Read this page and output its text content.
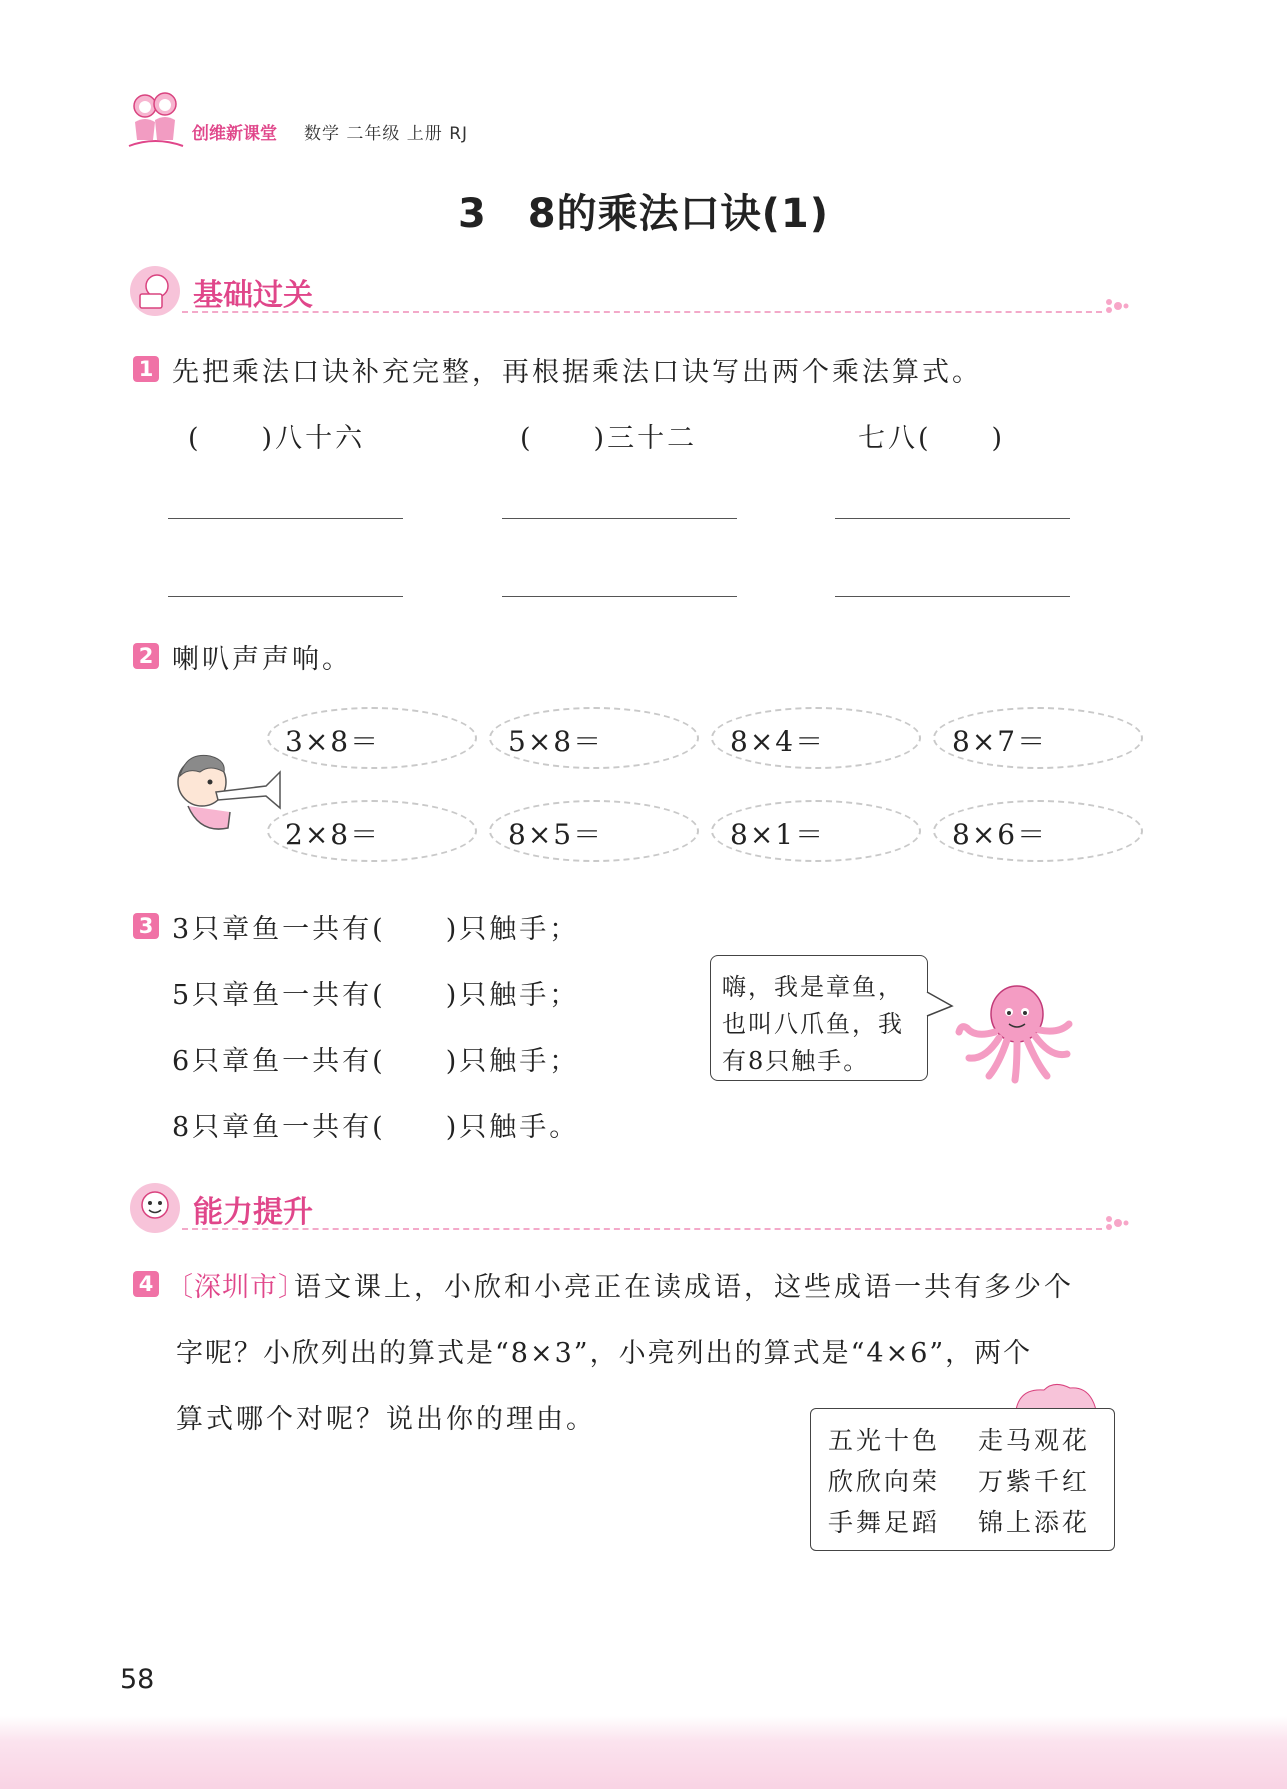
创维新课堂 数学 二年级 上册 RJ
3　8的乘法口诀(1)
基础过关
1 先把乘法口诀补充完整，再根据乘法口诀写出两个乘法算式。
(　　)八十六	(　　)三十二	七八(　　)
2 喇叭声声响。
3×8＝	5×8＝	8×4＝	8×7＝
2×8＝	8×5＝	8×1＝	8×6＝
3 3只章鱼一共有(　　)只触手；
5只章鱼一共有(　　)只触手；
6只章鱼一共有(　　)只触手；
8只章鱼一共有(　　)只触手。
嗨，我是章鱼，
也叫八爪鱼，我
有8只触手。
能力提升
4 〔深圳市〕
语文课上，小欣和小亮正在读成语，这些成语一共有多少个
字呢？小欣列出的算式是“8×3”，小亮列出的算式是“4×6”，两个
算式哪个对呢？说出你的理由。
五光十色 走马观花
欣欣向荣 万紫千红
手舞足蹈 锦上添花
58
